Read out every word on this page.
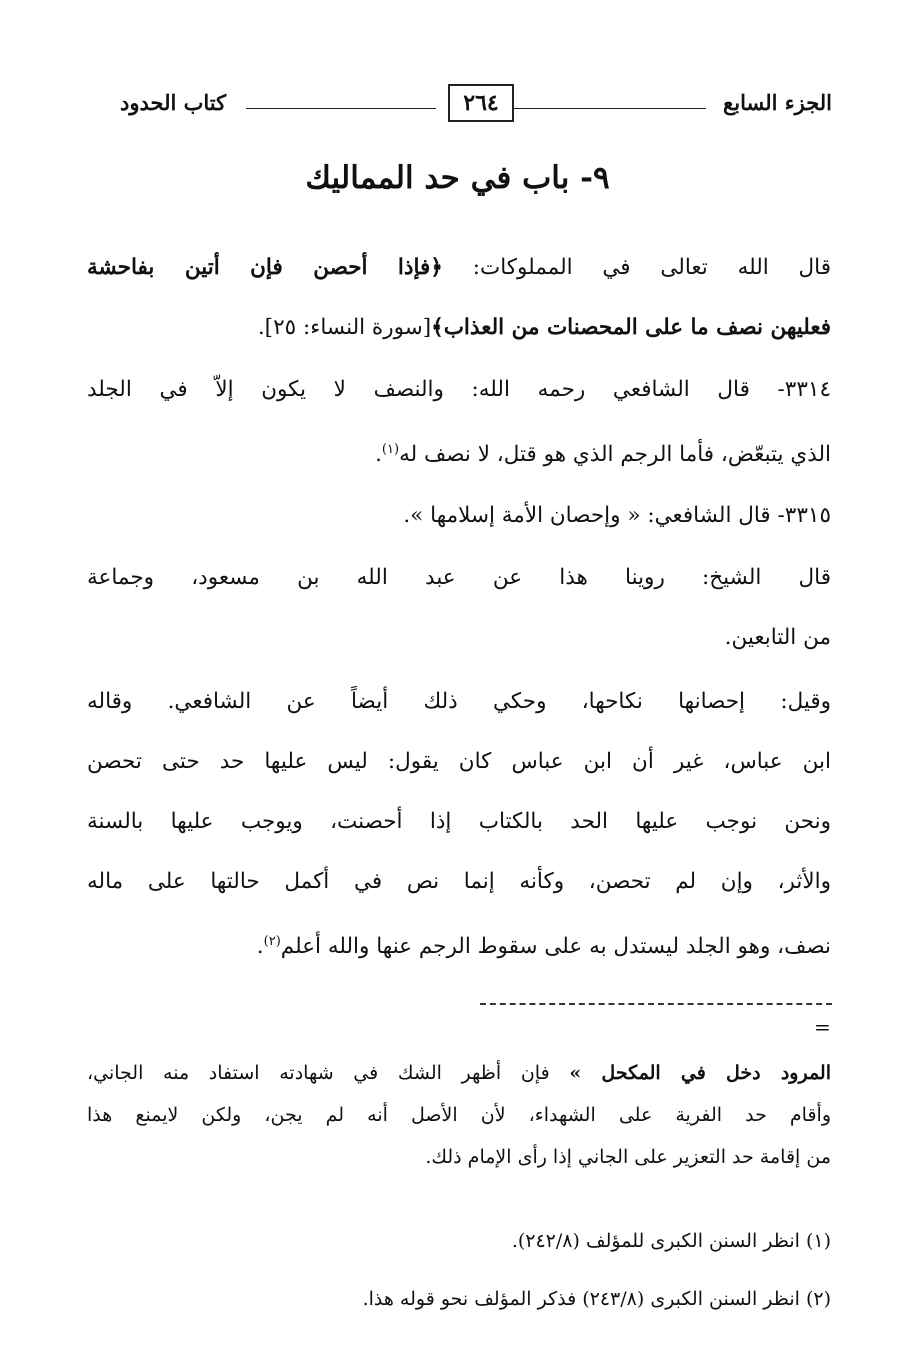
الجزء السابع
٢٦٤
كتاب الحدود
٩- باب في حد المماليك
قال الله تعالى في المملوكات: ﴿فإذا أحصن فإن أتين بفاحشة
فعليهن نصف ما على المحصنات من العذاب﴾[سورة النساء: ٢٥].
٣٣١٤- قال الشافعي رحمه الله: والنصف لا يكون إلاّ في الجلد
الذي يتبعّض، فأما الرجم الذي هو قتل، لا نصف له$^{(١)}$.
٣٣١٥- قال الشافعي: « وإحصان الأمة إسلامها ».
قال الشيخ: روينا هذا عن عبد الله بن مسعود، وجماعة
من التابعين.
وقيل: إحصانها نكاحها، وحكي ذلك أيضاً عن الشافعي. وقاله
ابن عباس، غير أن ابن عباس كان يقول: ليس عليها حد حتى تحصن
ونحن نوجب عليها الحد بالكتاب إذا أحصنت، ويوجب عليها بالسنة
والأثر، وإن لم تحصن، وكأنه إنما نص في أكمل حالتها على ماله
نصف، وهو الجلد ليستدل به على سقوط الرجم عنها والله أعلم$^{(٢)}$.
=
المرود دخل في المكحل » فإن أظهر الشك في شهادته استفاد منه الجاني،
وأقام حد الفرية على الشهداء، لأن الأصل أنه لم يجن، ولكن لايمنع هذا
من إقامة حد التعزير على الجاني إذا رأى الإمام ذلك.
(١) انظر السنن الكبرى للمؤلف (٢٤٢/٨).
(٢) انظر السنن الكبرى (٢٤٣/٨) فذكر المؤلف نحو قوله هذا.
